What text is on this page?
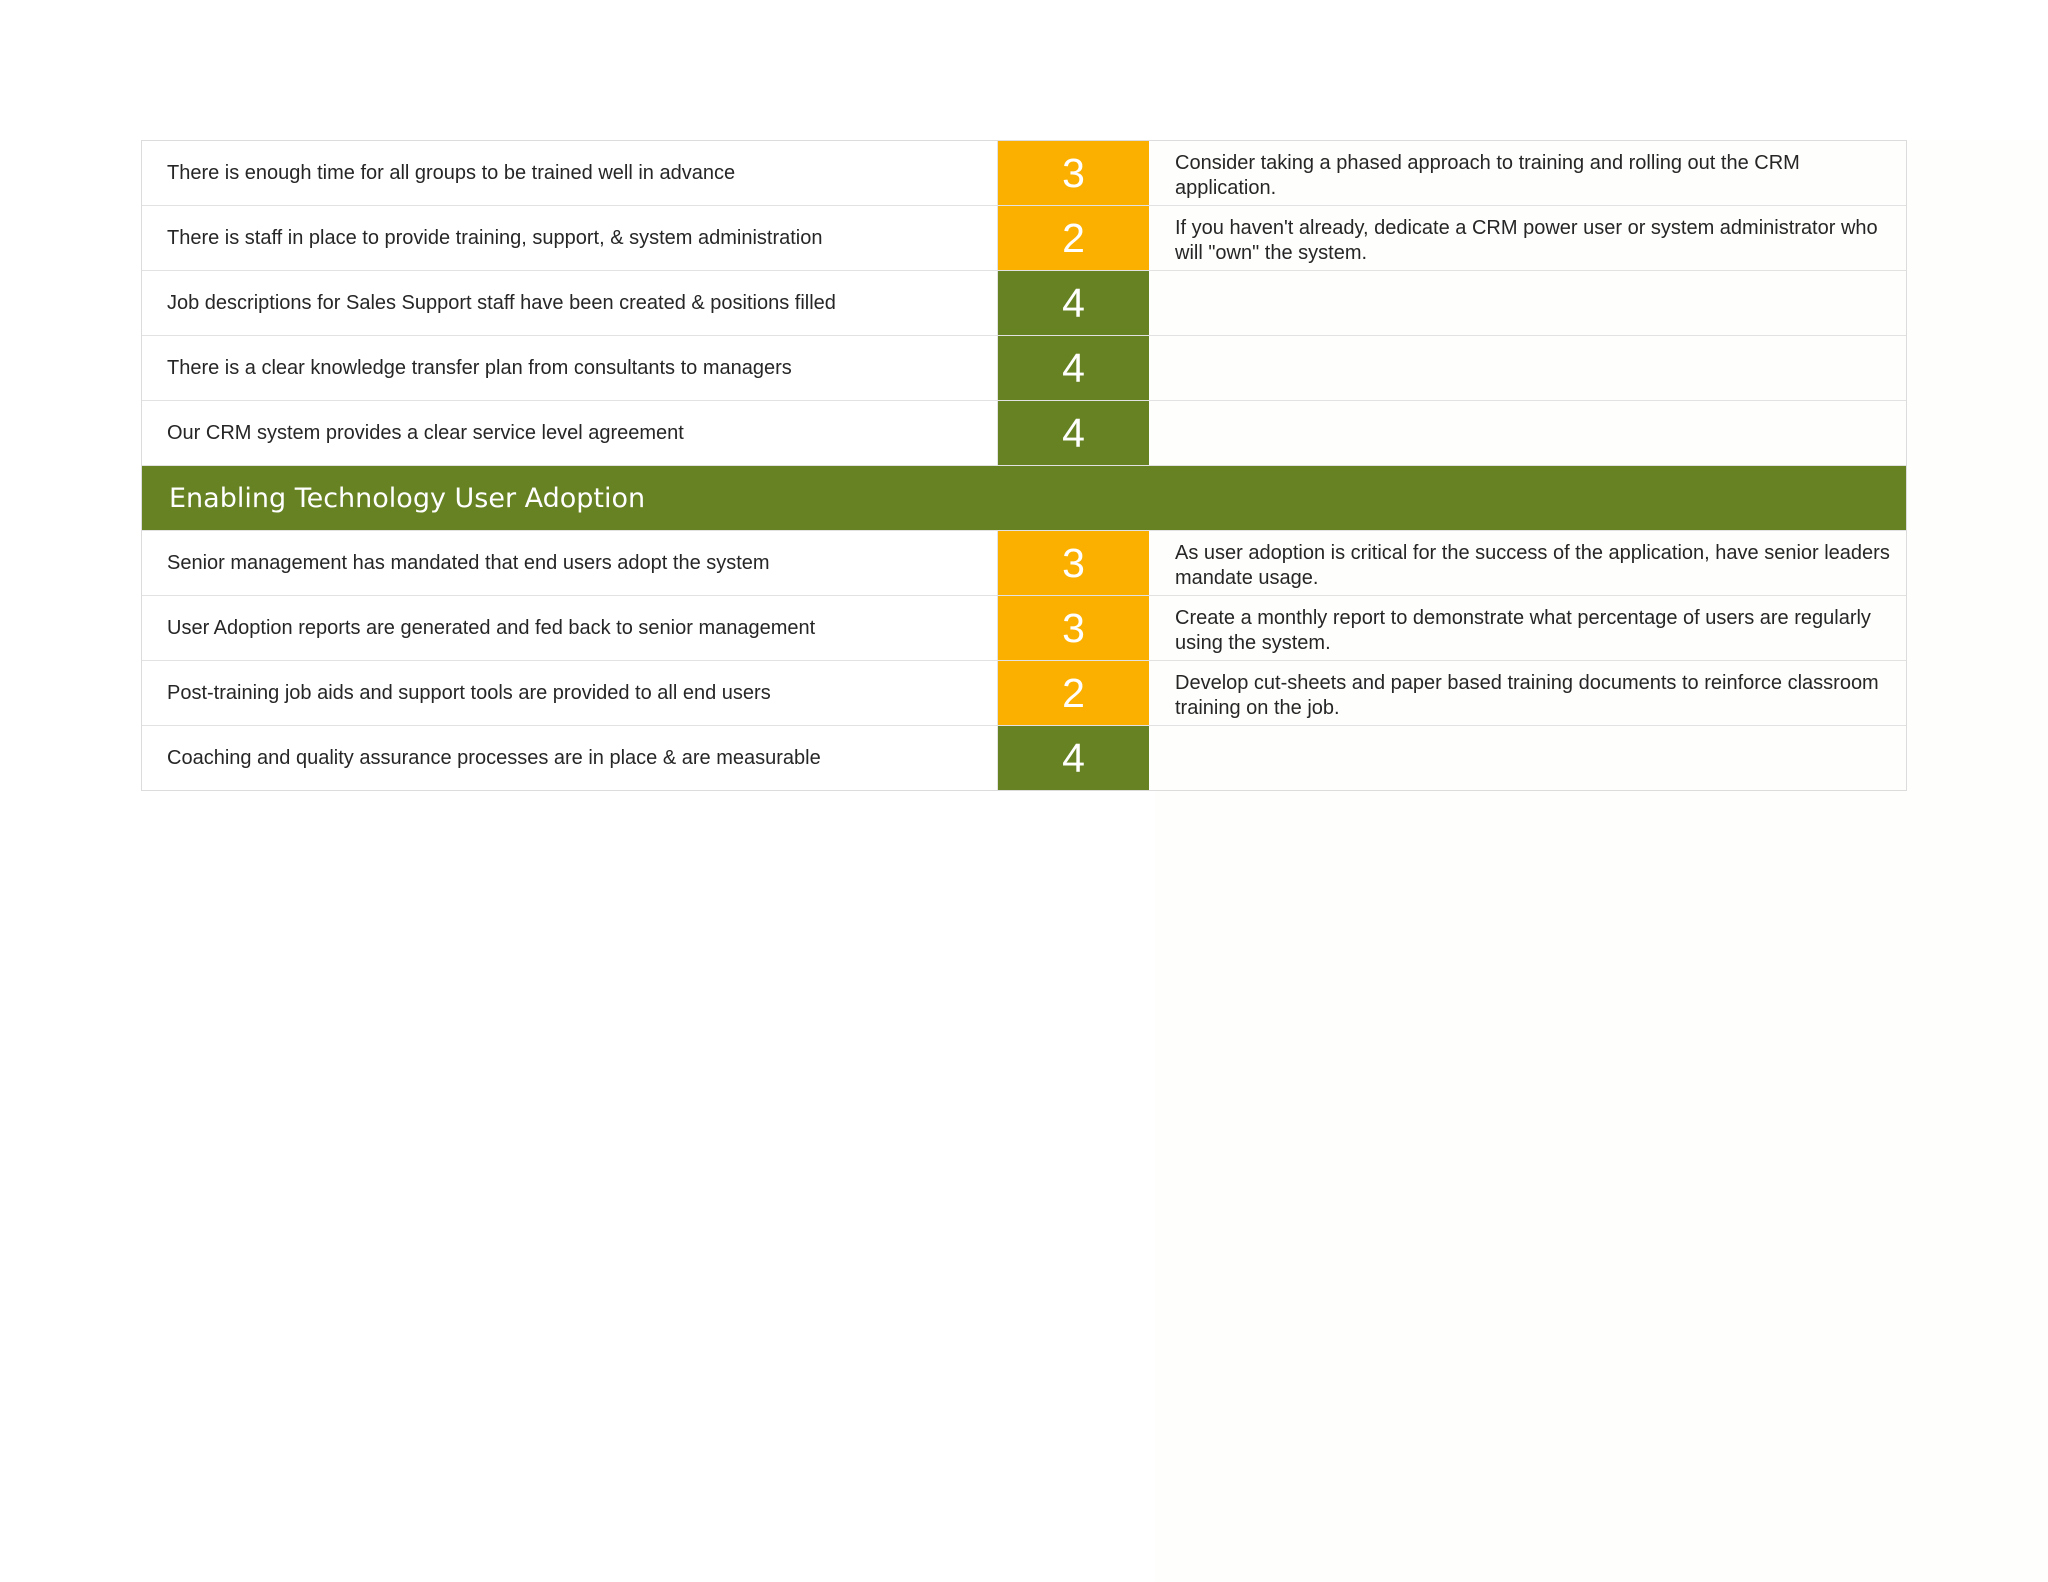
There is enough time for all groups to be trained well in advance	3	Consider taking a phased approach to training and rolling out the CRM application.
There is staff in place to provide training, support, & system administration	2	If you haven't already, dedicate a CRM power user or system administrator who will "own" the system.
Job descriptions for Sales Support staff have been created & positions filled	4
There is a clear knowledge transfer plan from consultants to managers	4
Our CRM system provides a clear service level agreement	4
Enabling Technology User Adoption
Senior management has mandated that end users adopt the system	3	As user adoption is critical for the success of the application, have senior leaders mandate usage.
User Adoption reports are generated and fed back to senior management	3	Create a monthly report to demonstrate what percentage of users are regularly using the system.
Post-training job aids and support tools are provided to all end users	2	Develop cut-sheets and paper based training documents to reinforce classroom training on the job.
Coaching and quality assurance processes are in place & are measurable	4
